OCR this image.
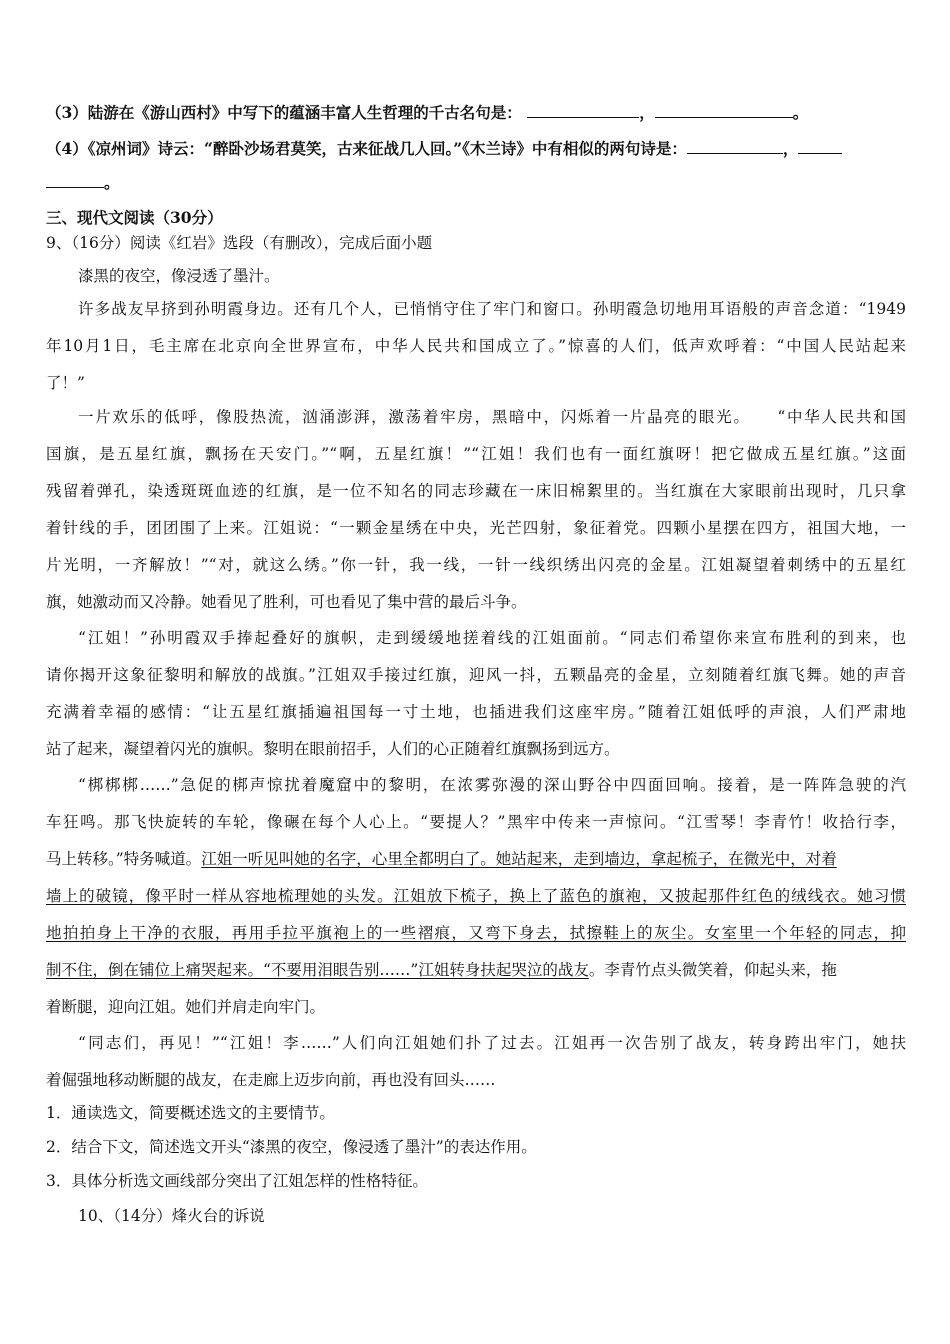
（3）陆游在《游山西村》中写下的蕴涵丰富人生哲理的千古名句是：	，	。
（4）《凉州词》诗云：“醉卧沙场君莫笑，古来征战几人回。”《木兰诗》中有相似的两句诗是：	，
。
三、现代文阅读（30分）
9、（16分）阅读《红岩》选段（有删改），完成后面小题
漆黑的夜空，像浸透了墨汁。
许多战友早挤到孙明霞身边。还有几个人，已悄悄守住了牢门和窗口。孙明霞急切地用耳语般的声音念道：“1949
年10月1日，毛主席在北京向全世界宣布，中华人民共和国成立了。”惊喜的人们，低声欢呼着：“中国人民站起来
了！”
一片欢乐的低呼，像股热流，汹涌澎湃，激荡着牢房，黑暗中，闪烁着一片晶亮的眼光。　　“中华人民共和国
国旗，是五星红旗，飘扬在天安门。”“啊，五星红旗！”“江姐！我们也有一面红旗呀！把它做成五星红旗。”这面
残留着弹孔，染透斑斑血迹的红旗，是一位不知名的同志珍藏在一床旧棉絮里的。当红旗在大家眼前出现时，几只拿
着针线的手，团团围了上来。江姐说：“一颗金星绣在中央，光芒四射，象征着党。四颗小星摆在四方，祖国大地，一
片光明，一齐解放！”“对，就这么绣。”你一针，我一线，一针一线织绣出闪亮的金星。江姐凝望着刺绣中的五星红
旗，她激动而又冷静。她看见了胜利，可也看见了集中营的最后斗争。
“江姐！”孙明霞双手捧起叠好的旗帜，走到缓缓地搓着线的江姐面前。“同志们希望你来宣布胜利的到来，也
请你揭开这象征黎明和解放的战旗。”江姐双手接过红旗，迎风一抖，五颗晶亮的金星，立刻随着红旗飞舞。她的声音
充满着幸福的感情：“让五星红旗插遍祖国每一寸土地，也插进我们这座牢房。”随着江姐低呼的声浪，人们严肃地
站了起来，凝望着闪光的旗帜。黎明在眼前招手，人们的心正随着红旗飘扬到远方。
“梆梆梆……”急促的梆声惊扰着魔窟中的黎明，在浓雾弥漫的深山野谷中四面回响。接着，是一阵阵急驶的汽
车狂鸣。那飞快旋转的车轮，像碾在每个人心上。“要提人？”黑牢中传来一声惊问。“江雪琴！李青竹！收拾行李，
马上转移。”特务喊道。江姐一听见叫她的名字，心里全都明白了。她站起来，走到墙边，拿起梳子，在微光中，对着
墙上的破镜，像平时一样从容地梳理她的头发。江姐放下梳子，换上了蓝色的旗袍，又披起那件红色的绒线衣。她习惯
地拍拍身上干净的衣服，再用手拉平旗袍上的一些褶痕，又弯下身去，拭擦鞋上的灰尘。女室里一个年轻的同志，抑
制不住，倒在铺位上痛哭起来。“不要用泪眼告别……”江姐转身扶起哭泣的战友。李青竹点头微笑着，仰起头来，拖
着断腿，迎向江姐。她们并肩走向牢门。
“同志们，再见！”“江姐！李……”人们向江姐她们扑了过去。江姐再一次告别了战友，转身跨出牢门，她扶
着倔强地移动断腿的战友，在走廊上迈步向前，再也没有回头……
1．通读选文，简要概述选文的主要情节。
2．结合下文，简述选文开头“漆黑的夜空，像浸透了墨汁”的表达作用。
3．具体分析选文画线部分突出了江姐怎样的性格特征。
10、（14分）烽火台的诉说
